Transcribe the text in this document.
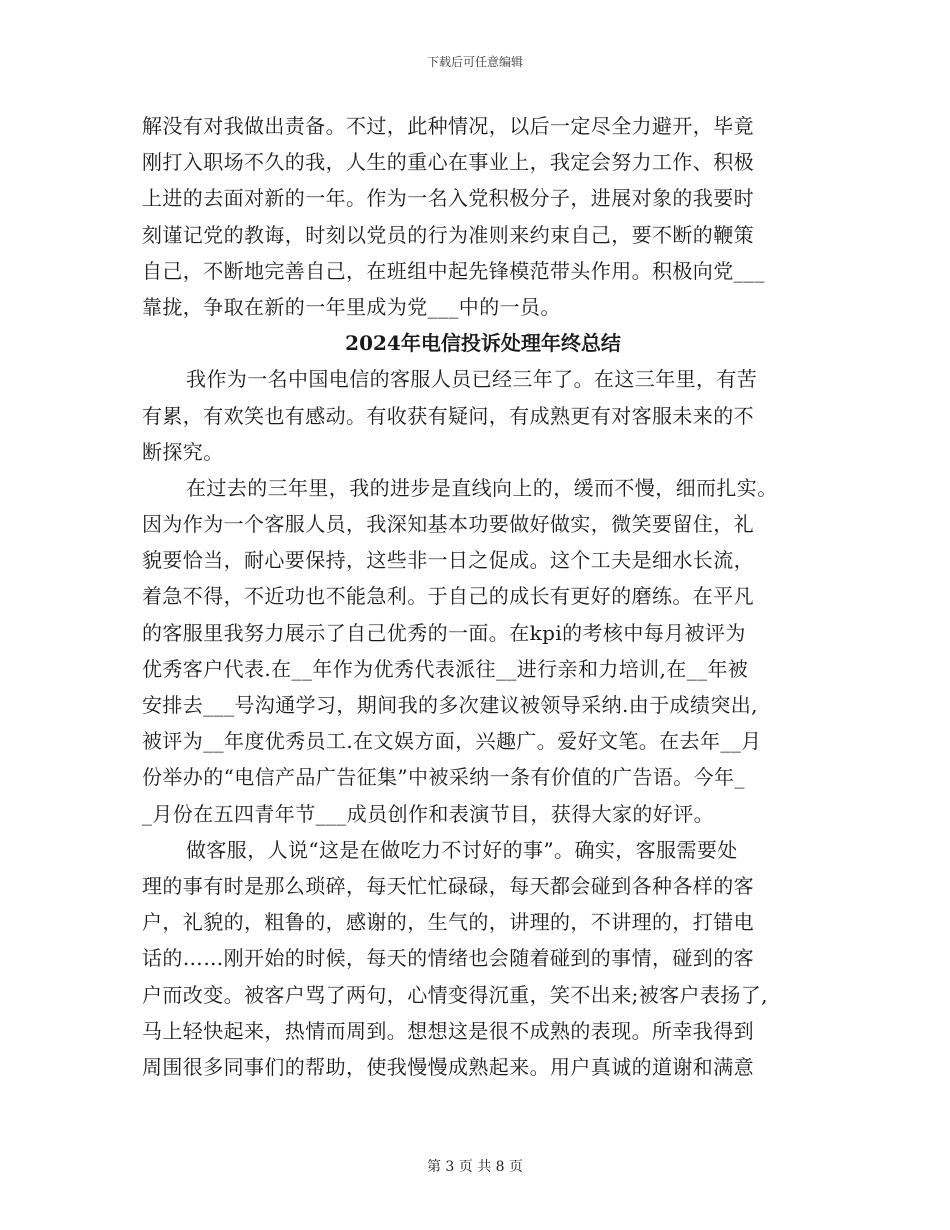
下载后可任意编辑
解没有对我做出责备。不过，此种情况，以后一定尽全力避开，毕竟
刚打入职场不久的我，人生的重心在事业上，我定会努力工作、积极
上进的去面对新的一年。作为一名入党积极分子，进展对象的我要时
刻谨记党的教诲，时刻以党员的行为准则来约束自己，要不断的鞭策
自己，不断地完善自己，在班组中起先锋模范带头作用。积极向党___
靠拢，争取在新的一年里成为党___中的一员。
2024年电信投诉处理年终总结
我作为一名中国电信的客服人员已经三年了。在这三年里，有苦
有累，有欢笑也有感动。有收获有疑问，有成熟更有对客服未来的不
断探究。
在过去的三年里，我的进步是直线向上的，缓而不慢，细而扎实。
因为作为一个客服人员，我深知基本功要做好做实，微笑要留住，礼
貌要恰当，耐心要保持，这些非一日之促成。这个工夫是细水长流，
着急不得，不近功也不能急利。于自己的成长有更好的磨练。在平凡
的客服里我努力展示了自己优秀的一面。在kpi的考核中每月被评为
优秀客户代表.在__年作为优秀代表派往__进行亲和力培训,在__年被
安排去___号沟通学习，期间我的多次建议被领导采纳.由于成绩突出,
被评为__年度优秀员工.在文娱方面，兴趣广。爱好文笔。在去年__月
份举办的“电信产品广告征集”中被采纳一条有价值的广告语。今年_
_月份在五四青年节___成员创作和表演节目，获得大家的好评。
做客服，人说“这是在做吃力不讨好的事”。确实，客服需要处
理的事有时是那么琐碎，每天忙忙碌碌，每天都会碰到各种各样的客
户，礼貌的，粗鲁的，感谢的，生气的，讲理的，不讲理的，打错电
话的……刚开始的时候，每天的情绪也会随着碰到的事情，碰到的客
户而改变。被客户骂了两句，心情变得沉重，笑不出来;被客户表扬了,
马上轻快起来，热情而周到。想想这是很不成熟的表现。所幸我得到
周围很多同事们的帮助，使我慢慢成熟起来。用户真诚的道谢和满意
第 3 页 共 8 页
